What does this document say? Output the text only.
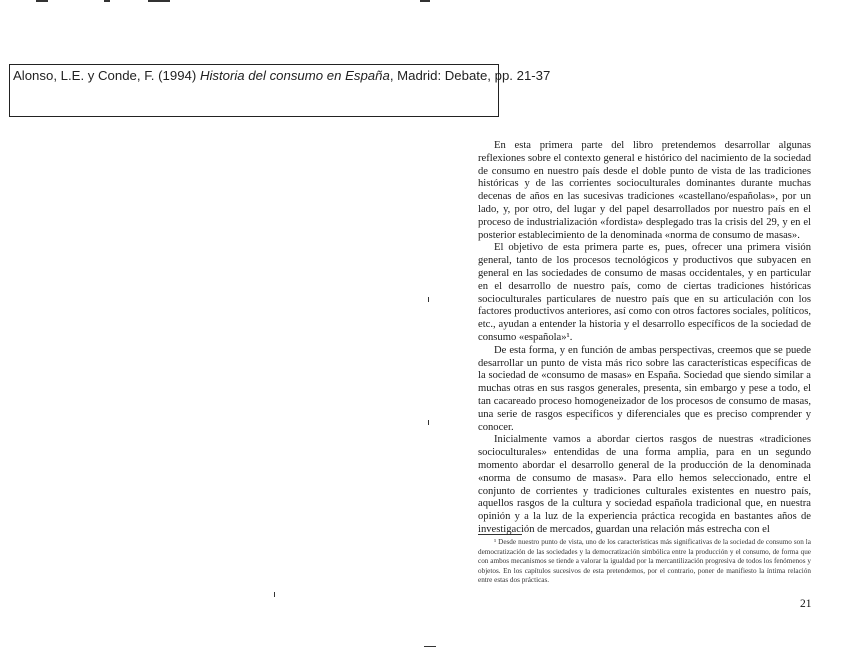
Alonso, L.E. y Conde, F. (1994) Historia del consumo en España, Madrid: Debate, pp. 21-37

En esta primera parte del libro pretendemos desarrollar algunas reflexiones sobre el contexto general e histórico del nacimiento de la sociedad de consumo en nuestro país desde el doble punto de vista de las tradiciones históricas y de las corrientes socioculturales dominantes durante muchas decenas de años en las sucesivas tradiciones «castellano/españolas», por un lado, y, por otro, del lugar y del papel desarrollados por nuestro país en el proceso de industrialización «fordista» desplegado tras la crisis del 29, y en el posterior establecimiento de la denominada «norma de consumo de masas».

El objetivo de esta primera parte es, pues, ofrecer una primera visión general, tanto de los procesos tecnológicos y productivos que subyacen en general en las sociedades de consumo de masas occidentales, y en particular en el desarrollo de nuestro país, como de ciertas tradiciones históricas socioculturales particulares de nuestro país que en su articulación con los factores productivos anteriores, así como con otros factores sociales, políticos, etc., ayudan a entender la historia y el desarrollo específicos de la sociedad de consumo «española»¹.

De esta forma, y en función de ambas perspectivas, creemos que se puede desarrollar un punto de vista más rico sobre las características específicas de la sociedad de «consumo de masas» en España. Sociedad que siendo similar a muchas otras en sus rasgos generales, presenta, sin embargo y pese a todo, el tan cacareado proceso homogeneizador de los procesos de consumo de masas, una serie de rasgos específicos y diferenciales que es preciso comprender y conocer.

Inicialmente vamos a abordar ciertos rasgos de nuestras «tradiciones socioculturales» entendidas de una forma amplia, para en un segundo momento abordar el desarrollo general de la producción de la denominada «norma de consumo de masas». Para ello hemos seleccionado, entre el conjunto de corrientes y tradiciones culturales existentes en nuestro país, aquellos rasgos de la cultura y sociedad española tradicional que, en nuestra opinión y a la luz de la experiencia práctica recogida en bastantes años de investigación de mercados, guardan una relación más estrecha con el

¹ Desde nuestro punto de vista, uno de los características más significativas de la sociedad de consumo son la democratización de las sociedades y la democratización simbólica entre la producción y el consumo, de forma que con ambos mecanismos se tiende a valorar la igualdad por la mercantilización progresiva de todos los fenómenos y objetos. En los capítulos sucesivos de esta pretendemos, por el contrario, poner de manifiesto la íntima relación entre estas dos prácticas.

21
